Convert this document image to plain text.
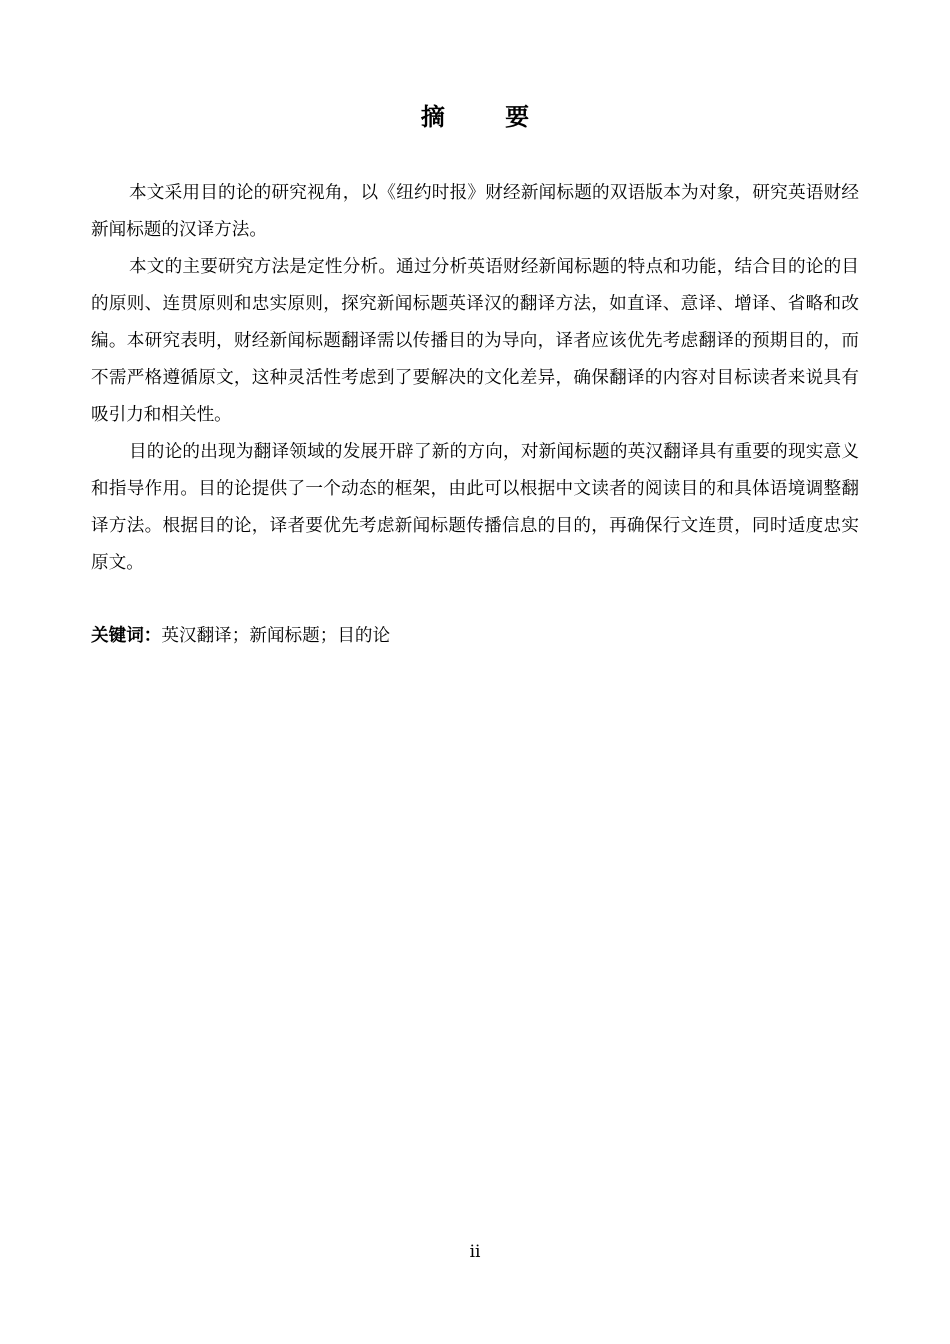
摘 要

本文采用目的论的研究视角，以《纽约时报》财经新闻标题的双语版本为对象，研究英语财经新闻标题的汉译方法。

本文的主要研究方法是定性分析。通过分析英语财经新闻标题的特点和功能，结合目的论的目的原则、连贯原则和忠实原则，探究新闻标题英译汉的翻译方法，如直译、意译、增译、省略和改编。本研究表明，财经新闻标题翻译需以传播目的为导向，译者应该优先考虑翻译的预期目的，而不需严格遵循原文，这种灵活性考虑到了要解决的文化差异，确保翻译的内容对目标读者来说具有吸引力和相关性。

目的论的出现为翻译领域的发展开辟了新的方向，对新闻标题的英汉翻译具有重要的现实意义和指导作用。目的论提供了一个动态的框架，由此可以根据中文读者的阅读目的和具体语境调整翻译方法。根据目的论，译者要优先考虑新闻标题传播信息的目的，再确保行文连贯，同时适度忠实原文。

关键词：英汉翻译；新闻标题；目的论
ii
